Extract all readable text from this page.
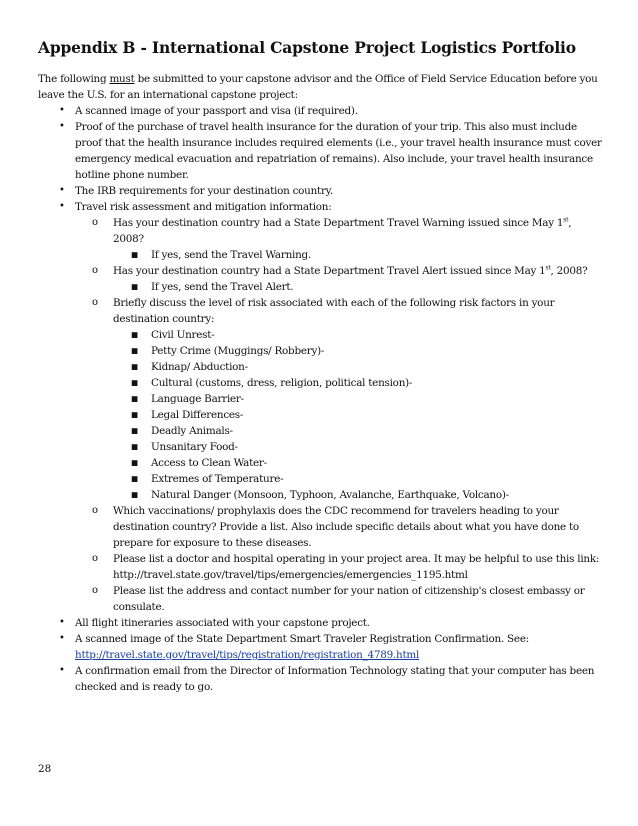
Appendix B - International Capstone Project Logistics Portfolio

The following must be submitted to your capstone advisor and the Office of Field Service Education before you leave the U.S. for an international capstone project:

• A scanned image of your passport and visa (if required).
• Proof of the purchase of travel health insurance for the duration of your trip. This also must include proof that the health insurance includes required elements (i.e., your travel health insurance must cover emergency medical evacuation and repatriation of remains). Also include, your travel health insurance hotline phone number.
• The IRB requirements for your destination country.
• Travel risk assessment and mitigation information:
o Has your destination country had a State Department Travel Warning issued since May 1st, 2008?
■ If yes, send the Travel Warning.
o Has your destination country had a State Department Travel Alert issued since May 1st, 2008?
■ If yes, send the Travel Alert.
o Briefly discuss the level of risk associated with each of the following risk factors in your destination country:
■ Civil Unrest-
■ Petty Crime (Muggings/ Robbery)-
■ Kidnap/ Abduction-
■ Cultural (customs, dress, religion, political tension)-
■ Language Barrier-
■ Legal Differences-
■ Deadly Animals-
■ Unsanitary Food-
■ Access to Clean Water-
■ Extremes of Temperature-
■ Natural Danger (Monsoon, Typhoon, Avalanche, Earthquake, Volcano)-
o Which vaccinations/ prophylaxis does the CDC recommend for travelers heading to your destination country? Provide a list. Also include specific details about what you have done to prepare for exposure to these diseases.
o Please list a doctor and hospital operating in your project area. It may be helpful to use this link: http://travel.state.gov/travel/tips/emergencies/emergencies_1195.html
o Please list the address and contact number for your nation of citizenship's closest embassy or consulate.
• All flight itineraries associated with your capstone project.
• A scanned image of the State Department Smart Traveler Registration Confirmation. See:
http://travel.state.gov/travel/tips/registration/registration_4789.html
• A confirmation email from the Director of Information Technology stating that your computer has been checked and is ready to go.
28
